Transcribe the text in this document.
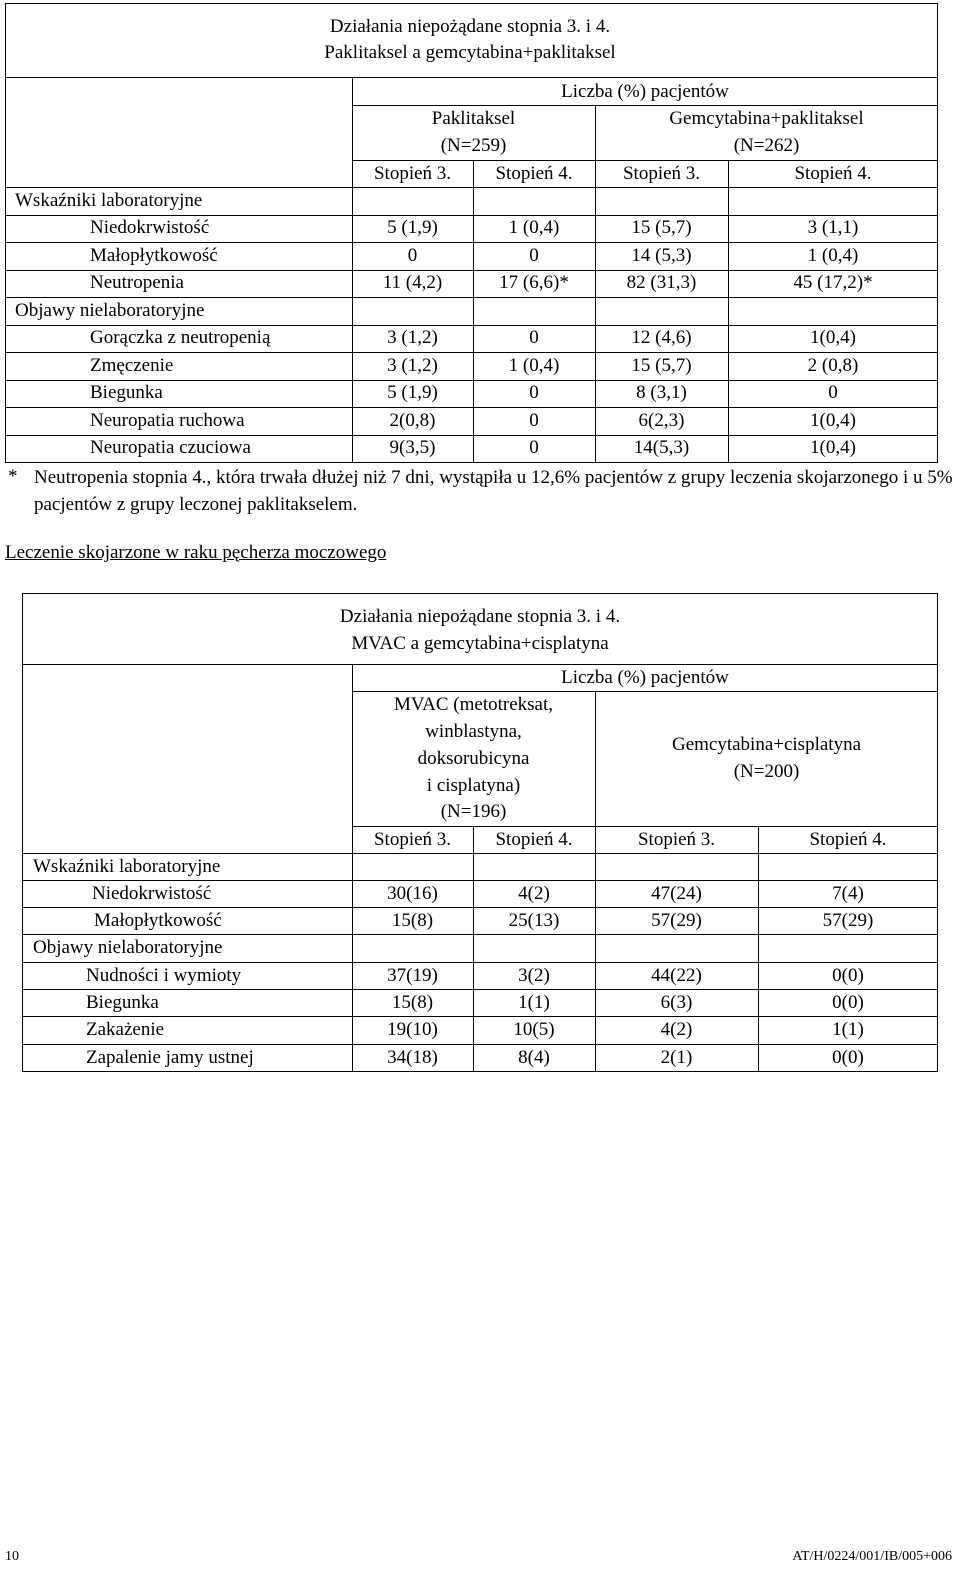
Działania niepożądane stopnia 3. i 4.
Paklitaksel a gemcytabina+paklitaksel
Liczba (%) pacjentów
Paklitaksel
(N=259)
Gemcytabina+paklitaksel
(N=262)
Stopień 3.	Stopień 4.	Stopień 3.	Stopień 4.
Wskaźniki laboratoryjne
Niedokrwistość	5 (1,9)	1 (0,4)	15 (5,7)	3 (1,1)
Małopłytkowość	0	0	14 (5,3)	1 (0,4)
Neutropenia	11 (4,2)	17 (6,6)*	82 (31,3)	45 (17,2)*
Objawy nielaboratoryjne
Gorączka z neutropenią	3 (1,2)	0	12 (4,6)	1(0,4)
Zmęczenie	3 (1,2)	1 (0,4)	15 (5,7)	2 (0,8)
Biegunka	5 (1,9)	0	8 (3,1)	0
Neuropatia ruchowa	2(0,8)	0	6(2,3)	1(0,4)
Neuropatia czuciowa	9(3,5)	0	14(5,3)	1(0,4)
Neutropenia stopnia 4., która trwała dłużej niż 7 dni, wystąpiła u 12,6% pacjentów z grupy leczenia skojarzonego i u 5% pacjentów z grupy leczonej paklitakselem.
*
Leczenie skojarzone w raku pęcherza moczowego
Działania niepożądane stopnia 3. i 4.
MVAC a gemcytabina+cisplatyna
Liczba (%) pacjentów
MVAC (metotreksat,
winblastyna,
doksorubicyna
i cisplatyna)
(N=196)
Gemcytabina+cisplatyna
(N=200)
Stopień 3.	Stopień 4.	Stopień 3.	Stopień 4.
Wskaźniki laboratoryjne
Niedokrwistość	30(16)	4(2)	47(24)	7(4)
Małopłytkowość	15(8)	25(13)	57(29)	57(29)
Objawy nielaboratoryjne
Nudności i wymioty	37(19)	3(2)	44(22)	0(0)
Biegunka	15(8)	1(1)	6(3)	0(0)
Zakażenie	19(10)	10(5)	4(2)	1(1)
Zapalenie jamy ustnej	34(18)	8(4)	2(1)	0(0)
10	AT/H/0224/001/IB/005+006
